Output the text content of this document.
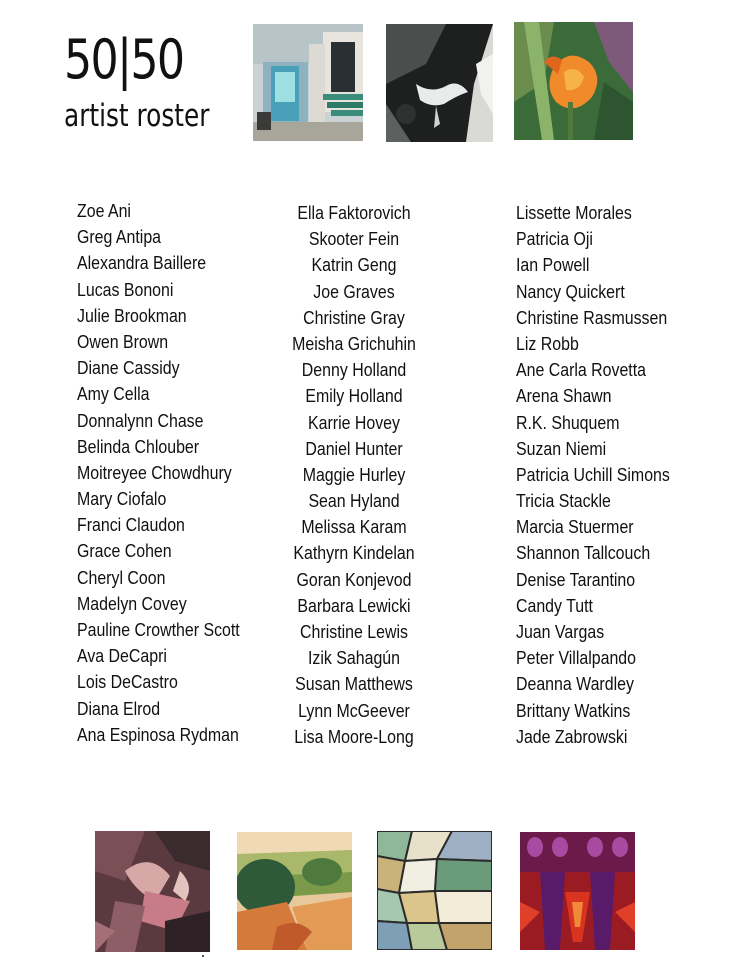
50|50
artist roster
Zoe Ani
Greg Antipa
Alexandra Baillere
Lucas Bononi
Julie Brookman
Owen Brown
Diane Cassidy
Amy Cella
Donnalynn Chase
Belinda Chlouber
Moitreyee Chowdhury
Mary Ciofalo
Franci Claudon
Grace Cohen
Cheryl Coon
Madelyn Covey
Pauline Crowther Scott
Ava DeCapri
Lois DeCastro
Diana Elrod
Ana Espinosa Rydman
Ella Faktorovich
Skooter Fein
Katrin Geng
Joe Graves
Christine Gray
Meisha Grichuhin
Denny Holland
Emily Holland
Karrie Hovey
Daniel Hunter
Maggie Hurley
Sean Hyland
Melissa Karam
Kathyrn Kindelan
Goran Konjevod
Barbara Lewicki
Christine Lewis
Izik Sahagún
Susan Matthews
Lynn McGeever
Lisa Moore-Long
Lissette Morales
Patricia Oji
Ian Powell
Nancy Quickert
Christine Rasmussen
Liz Robb
Ane Carla Rovetta
Arena Shawn
R.K. Shuquem
Suzan Niemi
Patricia Uchill Simons
Tricia Stackle
Marcia Stuermer
Shannon Tallcouch
Denise Tarantino
Candy Tutt
Juan Vargas
Peter Villalpando
Deanna Wardley
Brittany Watkins
Jade Zabrowski
